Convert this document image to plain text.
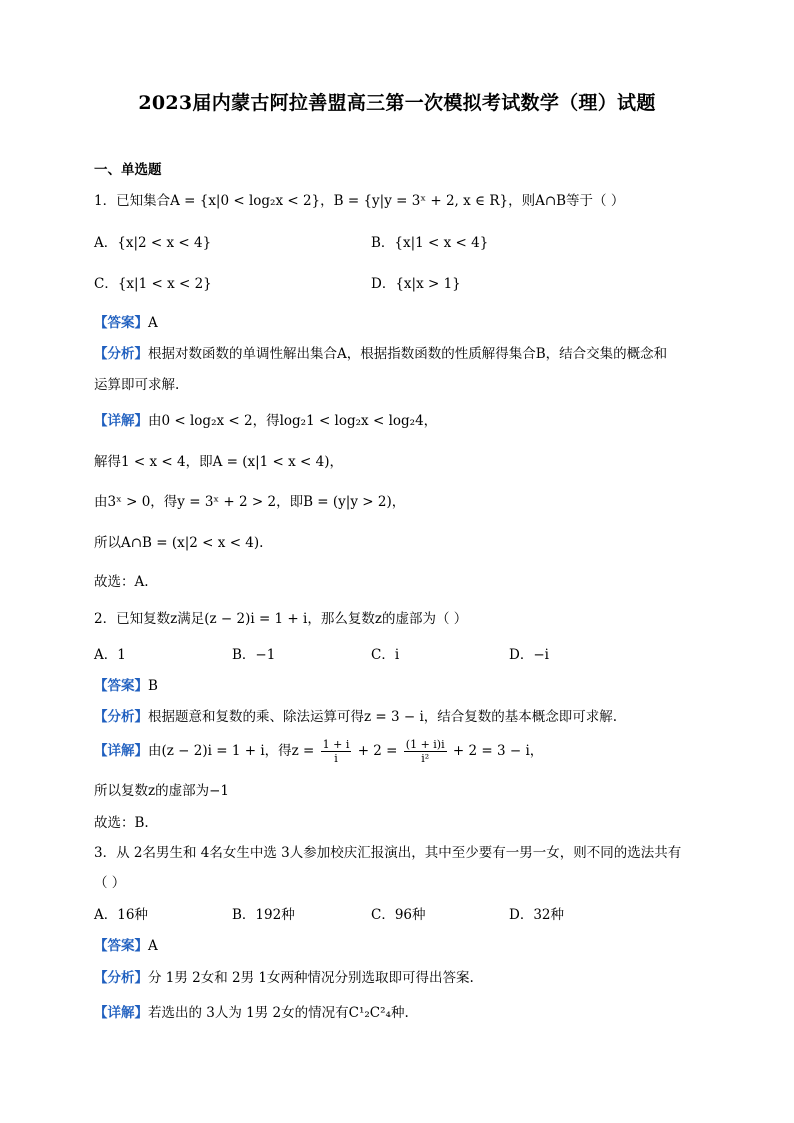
2023届内蒙古阿拉善盟高三第一次模拟考试数学（理）试题
一、单选题
1．已知集合A = {x|0 < log₂x < 2}，B = {y|y = 3ˣ + 2, x ∈ R}，则A∩B等于（ ）
A．{x|2 < x < 4}	B．{x|1 < x < 4}
C．{x|1 < x < 2}	D．{x|x > 1}
【答案】A
【分析】根据对数函数的单调性解出集合A，根据指数函数的性质解得集合B，结合交集的概念和
运算即可求解.
【详解】由0 < log₂x < 2，得log₂1 < log₂x < log₂4，
解得1 < x < 4，即A = (x|1 < x < 4)，
由3ˣ > 0，得y = 3ˣ + 2 > 2，即B = (y|y > 2)，
所以A∩B = (x|2 < x < 4).
故选：A.
2．已知复数z满足(z − 2)i = 1 + i，那么复数z的虚部为（ ）
A．1	B．−1	C．i	D．−i
【答案】B
【分析】根据题意和复数的乘、除法运算可得z = 3 − i，结合复数的基本概念即可求解.
【详解】由(z − 2)i = 1 + i，得$z = \frac{1 + i}{i} + 2 = \frac{(1 + i)i}{\text{i²}} + 2 = 3 - i$，
所以复数z的虚部为−1
故选：B.
3．从 2名男生和 4名女生中选 3人参加校庆汇报演出，其中至少要有一男一女，则不同的选法共有
（ ）
A．16种	B．192种	C．96种	D．32种
【答案】A
【分析】分 1男 2女和 2男 1女两种情况分别选取即可得出答案.
【详解】若选出的 3人为 1男 2女的情况有C¹₂C²₄种.
